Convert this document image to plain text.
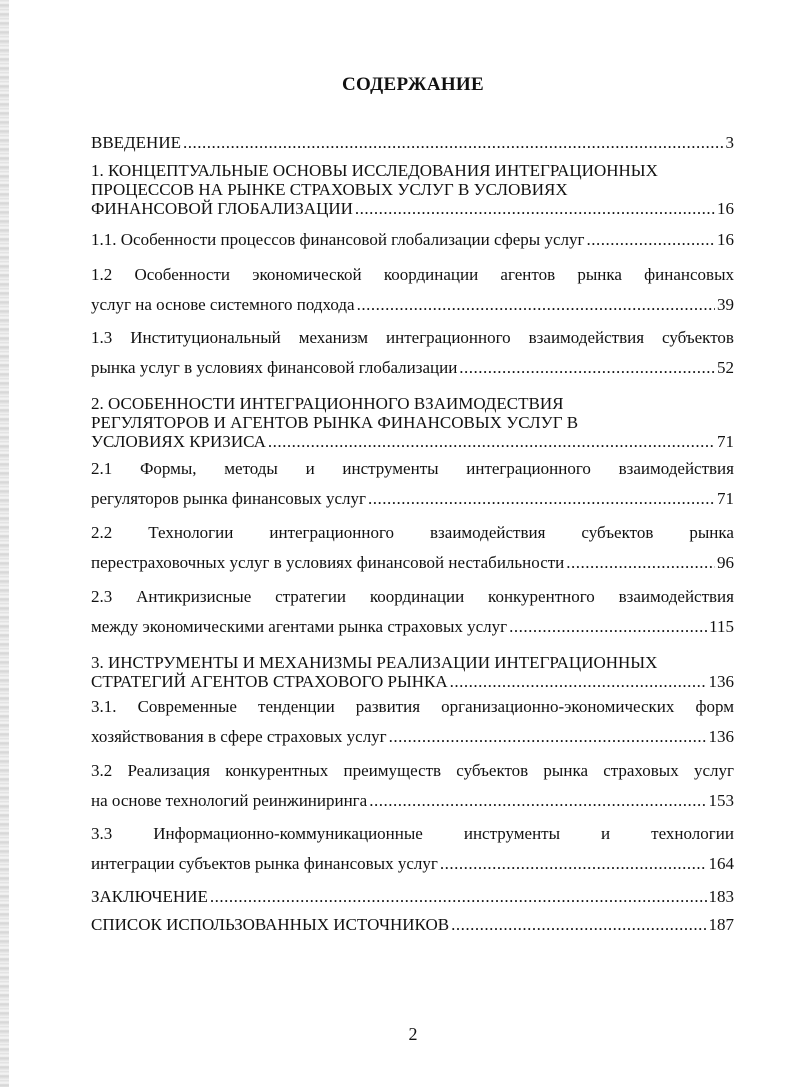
СОДЕРЖАНИЕ
ВВЕДЕНИЕ .....	3
1. КОНЦЕПТУАЛЬНЫЕ ОСНОВЫ ИССЛЕДОВАНИЯ ИНТЕГРАЦИОННЫХ
ПРОЦЕССОВ НА РЫНКЕ СТРАХОВЫХ УСЛУГ В УСЛОВИЯХ
ФИНАНСОВОЙ ГЛОБАЛИЗАЦИИ .....	16
1.1. Особенности процессов финансовой глобализации сферы услуг .....	16
1.2 Особенности экономической координации агентов рынка финансовых
услуг на основе системного подхода .....	39
1.3 Институциональный механизм интеграционного взаимодействия субъектов
рынка услуг в условиях финансовой глобализации .....	52
2. ОСОБЕННОСТИ ИНТЕГРАЦИОННОГО ВЗАИМОДЕСТВИЯ
РЕГУЛЯТОРОВ И АГЕНТОВ РЫНКА ФИНАНСОВЫХ УСЛУГ В
УСЛОВИЯХ КРИЗИСА .....	71
2.1 Формы, методы и инструменты интеграционного взаимодействия
регуляторов рынка финансовых услуг .....	71
2.2 Технологии интеграционного взаимодействия субъектов рынка
перестраховочных услуг в условиях финансовой нестабильности .....	96
2.3 Антикризисные стратегии координации конкурентного взаимодействия
между экономическими агентами рынка страховых услуг .....	115
3. ИНСТРУМЕНТЫ И МЕХАНИЗМЫ РЕАЛИЗАЦИИ ИНТЕГРАЦИОННЫХ
СТРАТЕГИЙ АГЕНТОВ СТРАХОВОГО РЫНКА .....	136
3.1. Современные тенденции развития организационно-экономических форм
хозяйствования в сфере страховых услуг .....	136
3.2 Реализация конкурентных преимуществ субъектов рынка страховых услуг
на основе технологий реинжиниринга .....	153
3.3 Информационно-коммуникационные инструменты и технологии
интеграции субъектов рынка финансовых услуг .....	164
ЗАКЛЮЧЕНИЕ .....	183
СПИСОК ИСПОЛЬЗОВАННЫХ ИСТОЧНИКОВ .....	187
2
